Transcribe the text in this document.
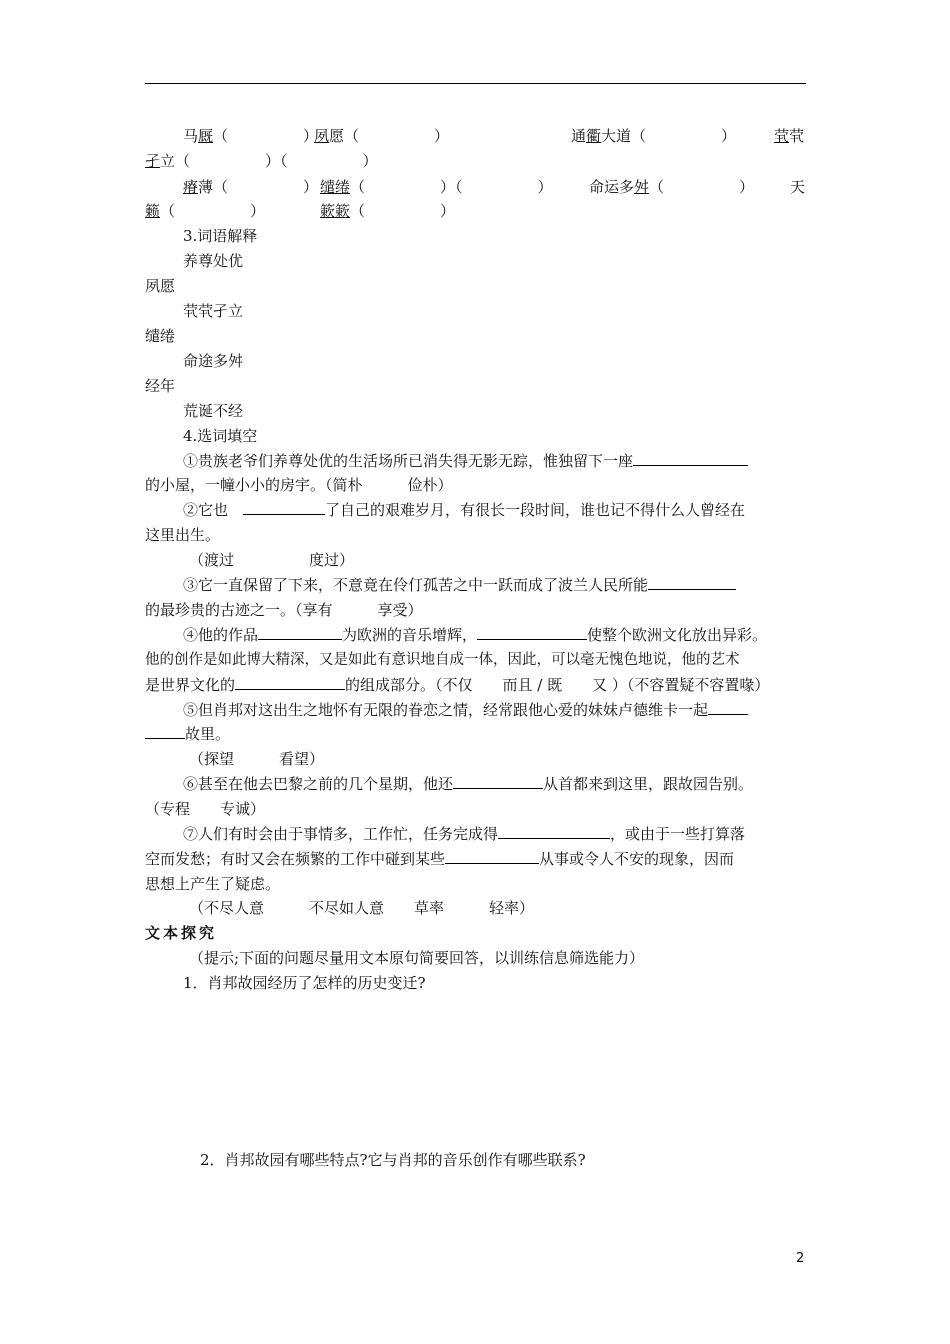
马厩（　　　　　）
夙愿（　　　　　）	通衢大道（　　　　　）	茕茕
孑立（　　　　　）（　　　　　）
瘠薄（　　　　　） 缱绻（　　　　　）（　　　　　） 命运多舛（　　　　　） 天
籁（　　　　　）	簌簌（　　　　　）
3.词语解释
养尊处优
夙愿
茕茕孑立
缱绻
命途多舛
经年
荒诞不经
4.选词填空
①贵族老爷们养尊处优的生活场所已消失得无影无踪，惟独留下一座
的小屋，一幢小小的房宇。（简朴　　　俭朴）
②它也　	了自己的艰难岁月，有很长一段时间，谁也记不得什么人曾经在
这里出生。
（渡过　　　　　度过）
③它一直保留了下来，不意竟在伶仃孤苦之中一跃而成了波兰人民所能
的最珍贵的古迹之一。（享有　　　享受）
④他的作品	为欧洲的音乐增辉，	使整个欧洲文化放出异彩。
他的创作是如此博大精深，又是如此有意识地自成一体，因此，可以毫无愧色地说，他的艺术
是世界文化的	的组成部分。（不仅　　而且 / 既　　又 ）（不容置疑不容置喙）
⑤但肖邦对这出生之地怀有无限的眷恋之情，经常跟他心爱的妹妹卢德维卡一起
故里。
（探望　　　看望）
⑥甚至在他去巴黎之前的几个星期，他还	从首都来到这里，跟故园告别。
（专程　　专诚）
⑦人们有时会由于事情多，工作忙，任务完成得	，或由于一些打算落
空而发愁；有时又会在频繁的工作中碰到某些	从事或令人不安的现象，因而
思想上产生了疑虑。
（不尽人意　　　不尽如人意　　草率　　　轻率）
文本探究
（提示;下面的问题尽量用文本原句简要回答，以训练信息筛选能力）
1．肖邦故园经历了怎样的历史变迁?
2．肖邦故园有哪些特点?它与肖邦的音乐创作有哪些联系?
2
